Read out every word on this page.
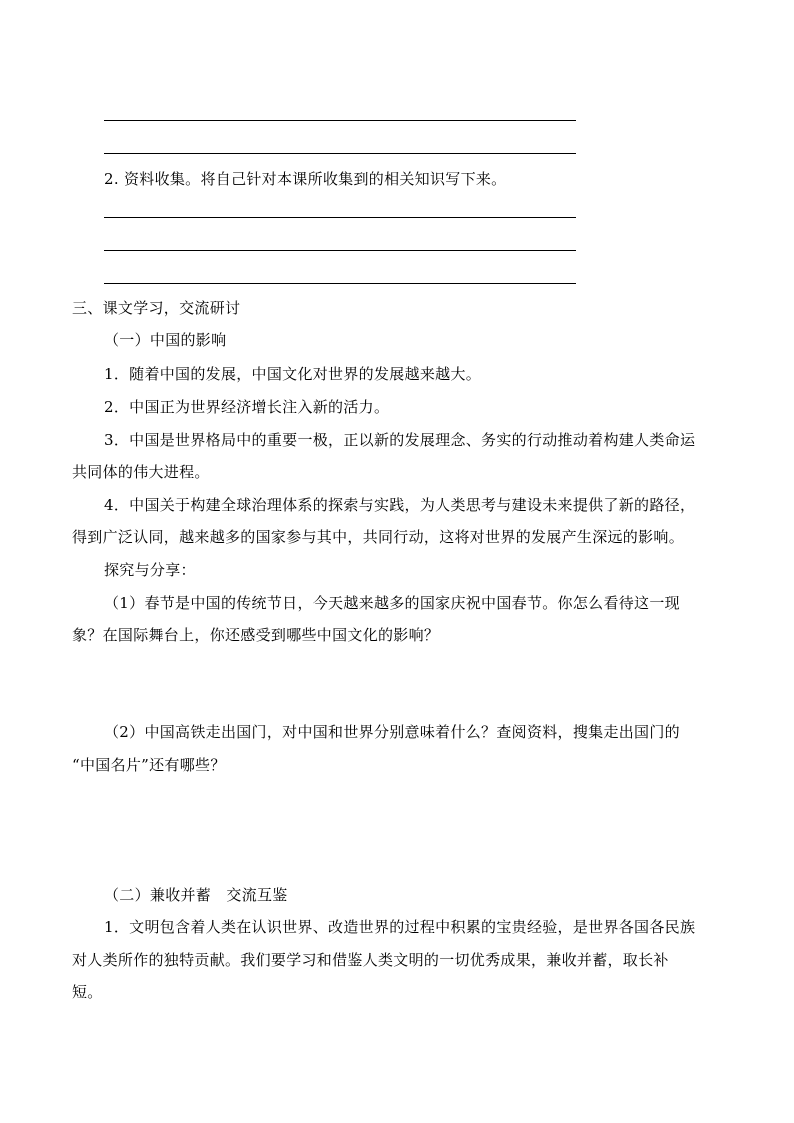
2. 资料收集。将自己针对本课所收集到的相关知识写下来。
三、课文学习，交流研讨
（一）中国的影响
1．随着中国的发展，中国文化对世界的发展越来越大。
2．中国正为世界经济增长注入新的活力。
3．中国是世界格局中的重要一极，正以新的发展理念、务实的行动推动着构建人类命运
共同体的伟大进程。
4．中国关于构建全球治理体系的探索与实践，为人类思考与建设未来提供了新的路径，
得到广泛认同，越来越多的国家参与其中，共同行动，这将对世界的发展产生深远的影响。
探究与分享：
（1）春节是中国的传统节日，今天越来越多的国家庆祝中国春节。你怎么看待这一现
象？在国际舞台上，你还感受到哪些中国文化的影响？
（2）中国高铁走出国门，对中国和世界分别意味着什么？查阅资料，搜集走出国门的
“中国名片”还有哪些？
（二）兼收并蓄　交流互鉴
1．文明包含着人类在认识世界、改造世界的过程中积累的宝贵经验，是世界各国各民族
对人类所作的独特贡献。我们要学习和借鉴人类文明的一切优秀成果，兼收并蓄，取长补
短。
